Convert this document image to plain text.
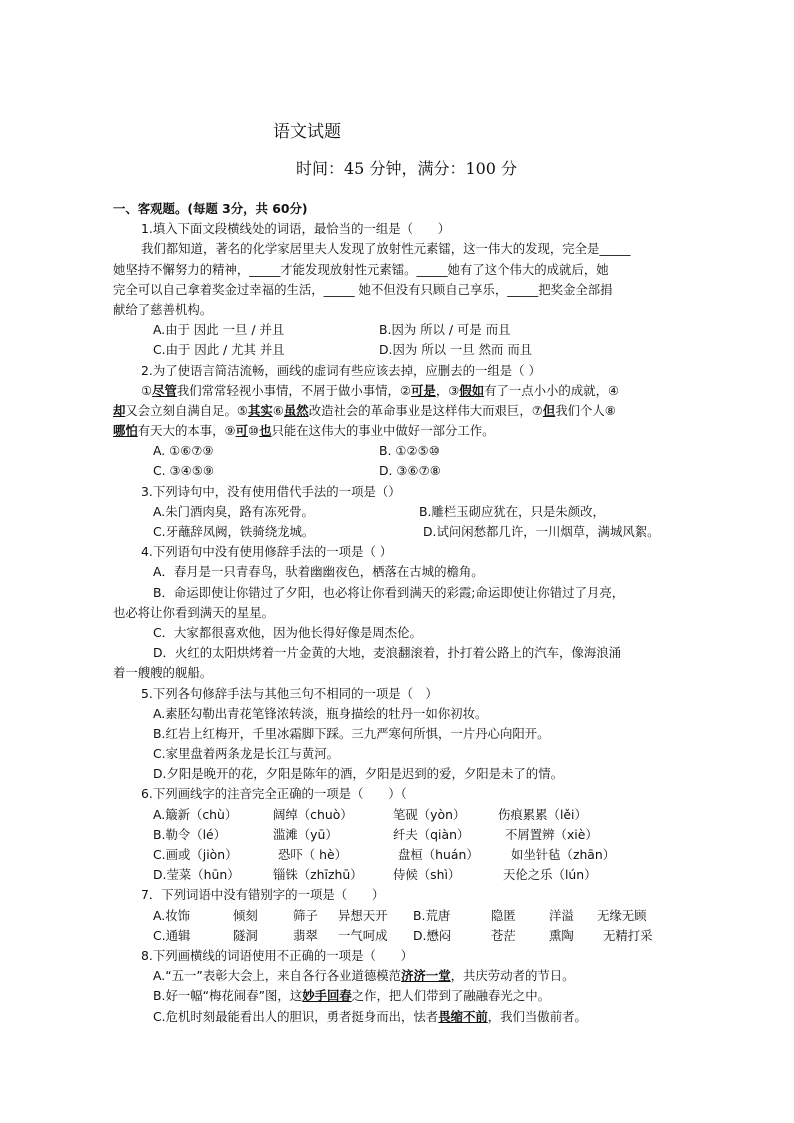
语文试题
时间：45 分钟，满分：100 分
一、客观题。(每题 3分，共 60分)
1.填入下面文段横线处的词语，最恰当的一组是（　　）
我们都知道，著名的化学家居里夫人发现了放射性元素镭，这一伟大的发现，完全是_____
她坚持不懈努力的精神，_____才能发现放射性元素镭。_____她有了这个伟大的成就后，她
完全可以自己拿着奖金过幸福的生活，_____ 她不但没有只顾自己享乐，_____把奖金全部捐
献给了慈善机构。
A.由于 因此 一旦 / 并且	B.因为 所以 / 可是 而且
C.由于 因此 / 尤其 并且	D.因为 所以 一旦 然而 而且
2.为了使语言简洁流畅，画线的虚词有些应该去掉，应删去的一组是（ ）
①尽管我们常常轻视小事情，不屑于做小事情，②可是，③假如有了一点小小的成就，④
却又会立刻自满自足。⑤其实⑥虽然改造社会的革命事业是这样伟大而艰巨，⑦但我们个人⑧
哪怕有天大的本事，⑨可⑩也只能在这伟大的事业中做好一部分工作。
A. ①⑥⑦⑨	B. ①②⑤⑩
C. ③④⑤⑨	D. ③⑥⑦⑧
3.下列诗句中，没有使用借代手法的一项是（）
A.朱门酒肉臭，路有冻死骨。	B.雕栏玉砌应犹在，只是朱颜改，
C.牙蘸辞凤阙，铁骑绕龙城。	D.试问闲愁都几许，一川烟草，满城风絮。
4.下列语句中没有使用修辞手法的一项是（ ）
A．春月是一只青春鸟，驮着幽幽夜色，栖落在古城的檐角。
B．命运即使让你错过了夕阳，也必将让你看到满天的彩霞;命运即使让你错过了月亮，
也必将让你看到满天的星星。
C．大家都很喜欢他，因为他长得好像是周杰伦。
D．火红的太阳烘烤着一片金黄的大地，麦浪翻滚着，扑打着公路上的汽车，像海浪涌
着一艘艘的舰船。
5.下列各句修辞手法与其他三句不相同的一项是（　）
A.素胚勾勒出青花笔锋浓转淡，瓶身描绘的牡丹一如你初妆。
B.红岩上红梅开，千里冰霜脚下踩。三九严寒何所惧，一片丹心向阳开。
C.家里盘着两条龙是长江与黄河。
D.夕阳是晚开的花，夕阳是陈年的酒，夕阳是迟到的爱，夕阳是未了的情。
6.下列画线字的注音完全正确的一项是（　　）（
A.簸新（chù）	阔绰（chuò）	笔砚（yòn）	伤痕累累（lěi）
B.勒令（lé）	滥滩（yū）	纤夫（qiàn）	不屑置辨（xiè）
C.画或（jiòn）	恐吓（ hè）	盘桓（huán）	如坐针毡（zhān）
D.莹菜（hūn）	锱铢（zhīzhū） 侍候（shì）	天伦之乐（lún）
7．下列词语中没有错别字的一项是（　　）
A.妆饰	倾刻	筛子 异想天开 B.荒唐	隐匿	洋溢 无缘无顾
C.通辑	隧洞	翡翠 一气呵成 D.懋闷	苍茫	熏陶 无精打采
8.下列画横线的词语使用不正确的一项是（　　）
A.“五一”表彰大会上，来自各行各业道德模范济济一堂，共庆劳动者的节日。
B.好一幅“梅花闹春”图，这妙手回春之作，把人们带到了融融春光之中。
C.危机时刻最能看出人的胆识，勇者挺身而出，怯者畏缩不前，我们当傲前者。
